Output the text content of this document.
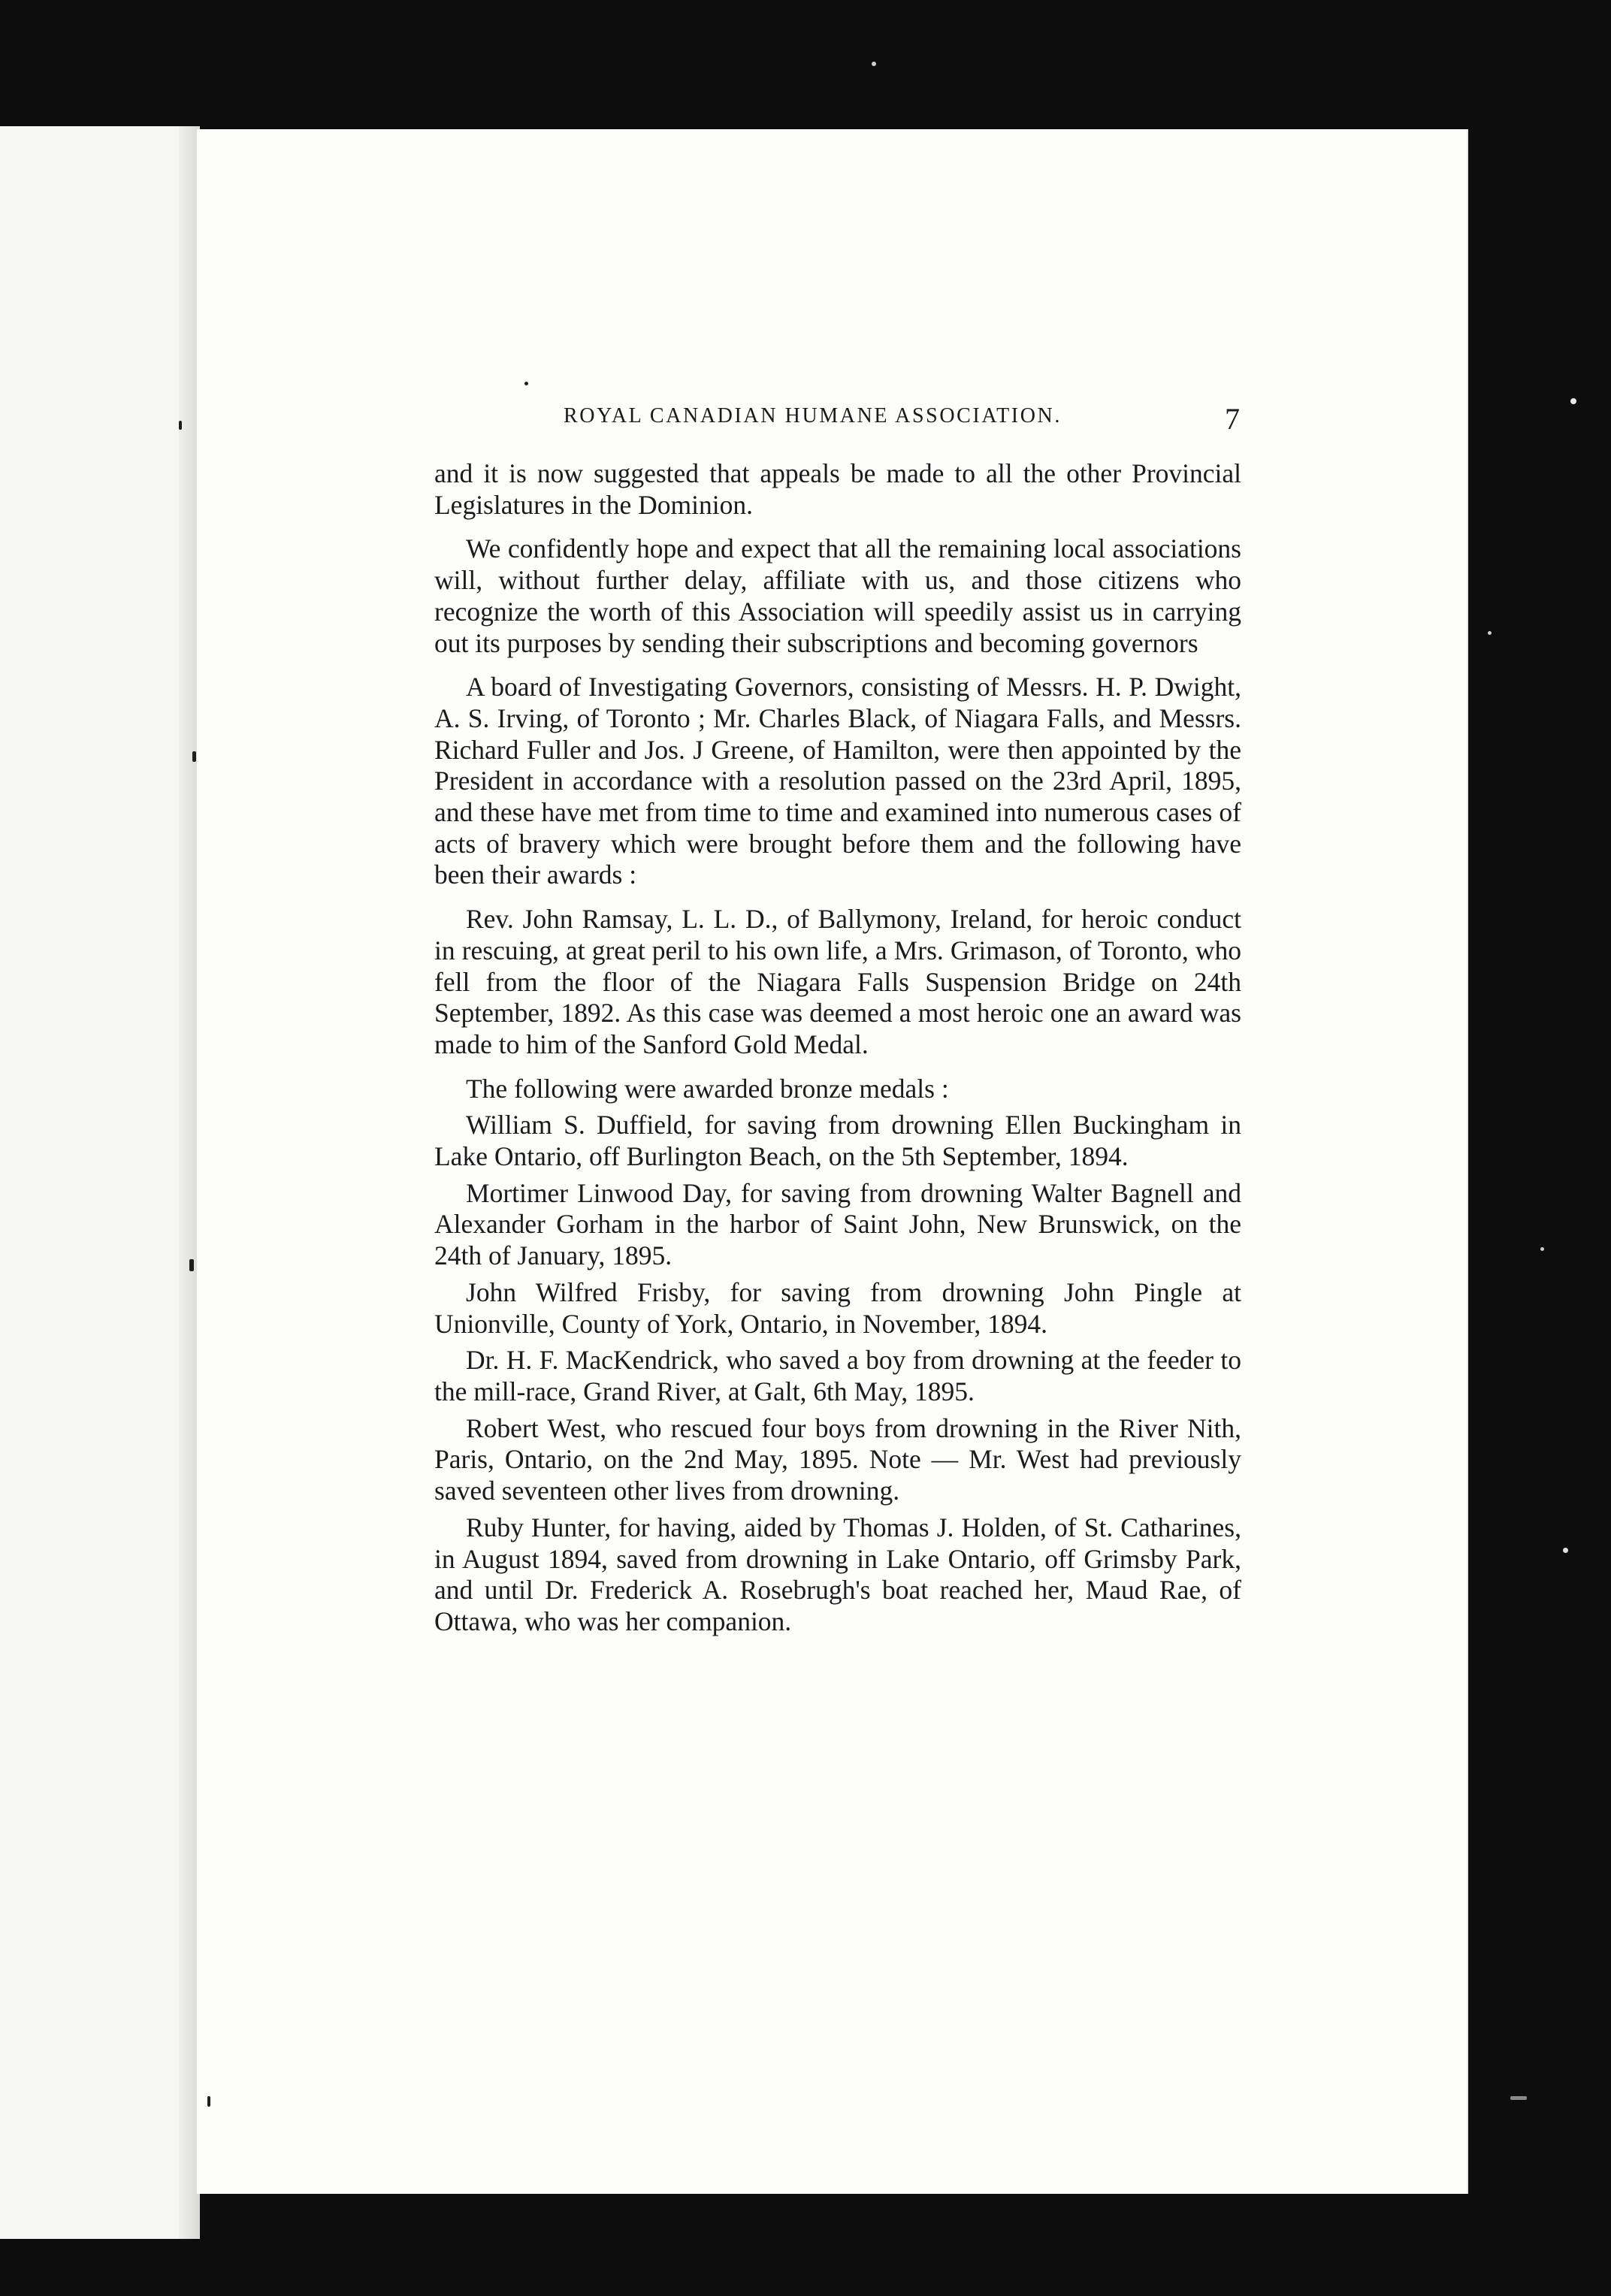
ROYAL CANADIAN HUMANE ASSOCIATION.	7

and it is now suggested that appeals be made to all the other Provincial Legislatures in the Dominion.

We confidently hope and expect that all the remaining local associations will, without further delay, affiliate with us, and those citizens who recognize the worth of this Association will speedily assist us in carrying out its purposes by sending their subscriptions and becoming governors

A board of Investigating Governors, consisting of Messrs. H. P. Dwight, A. S. Irving, of Toronto ; Mr. Charles Black, of Niagara Falls, and Messrs. Richard Fuller and Jos. J Greene, of Hamilton, were then appointed by the President in accordance with a resolution passed on the 23rd April, 1895, and these have met from time to time and examined into numerous cases of acts of bravery which were brought before them and the following have been their awards :

Rev. John Ramsay, L. L. D., of Ballymony, Ireland, for heroic conduct in rescuing, at great peril to his own life, a Mrs. Grimason, of Toronto, who fell from the floor of the Niagara Falls Suspension Bridge on 24th September, 1892. As this case was deemed a most heroic one an award was made to him of the Sanford Gold Medal.

The following were awarded bronze medals :

William S. Duffield, for saving from drowning Ellen Buckingham in Lake Ontario, off Burlington Beach, on the 5th September, 1894.

Mortimer Linwood Day, for saving from drowning Walter Bagnell and Alexander Gorham in the harbor of Saint John, New Brunswick, on the 24th of January, 1895.

John Wilfred Frisby, for saving from drowning John Pingle at Unionville, County of York, Ontario, in November, 1894.

Dr. H. F. MacKendrick, who saved a boy from drowning at the feeder to the mill-race, Grand River, at Galt, 6th May, 1895.

Robert West, who rescued four boys from drowning in the River Nith, Paris, Ontario, on the 2nd May, 1895. Note — Mr. West had previously saved seventeen other lives from drowning.

Ruby Hunter, for having, aided by Thomas J. Holden, of St. Catharines, in August 1894, saved from drowning in Lake Ontario, off Grimsby Park, and until Dr. Frederick A. Rosebrugh's boat reached her, Maud Rae, of Ottawa, who was her companion.
